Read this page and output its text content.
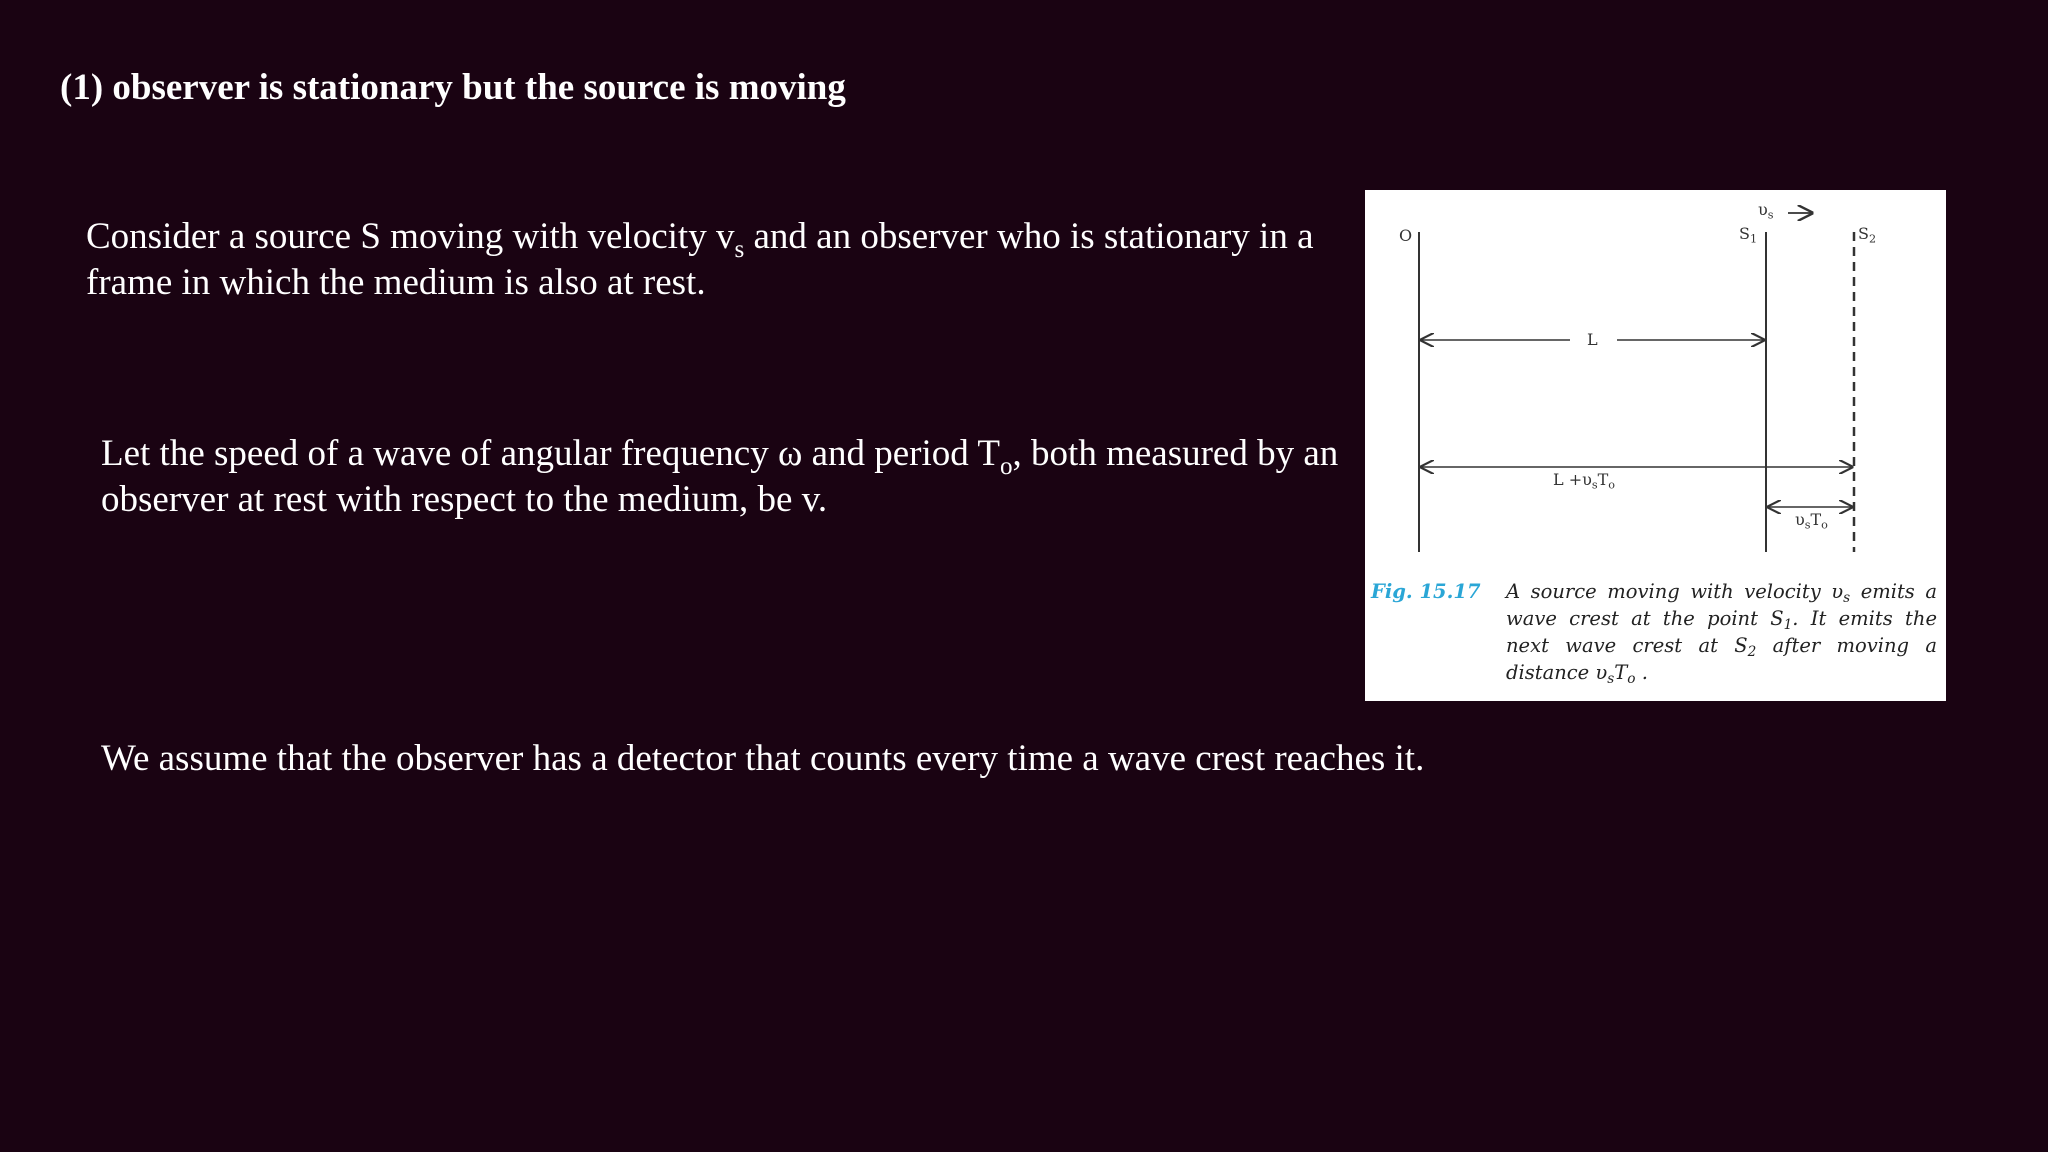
(1) observer is stationary but the source is moving

Consider a source S moving with velocity $v_s$ and an observer who is stationary in a frame in which the medium is also at rest.

Let the speed of a wave of angular frequency ω and period $T_o$, both measured by an observer at rest with respect to the medium, be v.

We assume that the observer has a detector that counts every time a wave crest reaches it.

$\upsilon_s$
O	$S_1$	$S_2$
L
$L +\upsilon_sT_o$
$\upsilon_sT_o$
Fig. 15.17 A source moving with velocity $\upsilon_s$ emits a wave crest at the point $S_1$. It emits the next wave crest at $S_2$ after moving a distance $\upsilon_sT_o$ .
